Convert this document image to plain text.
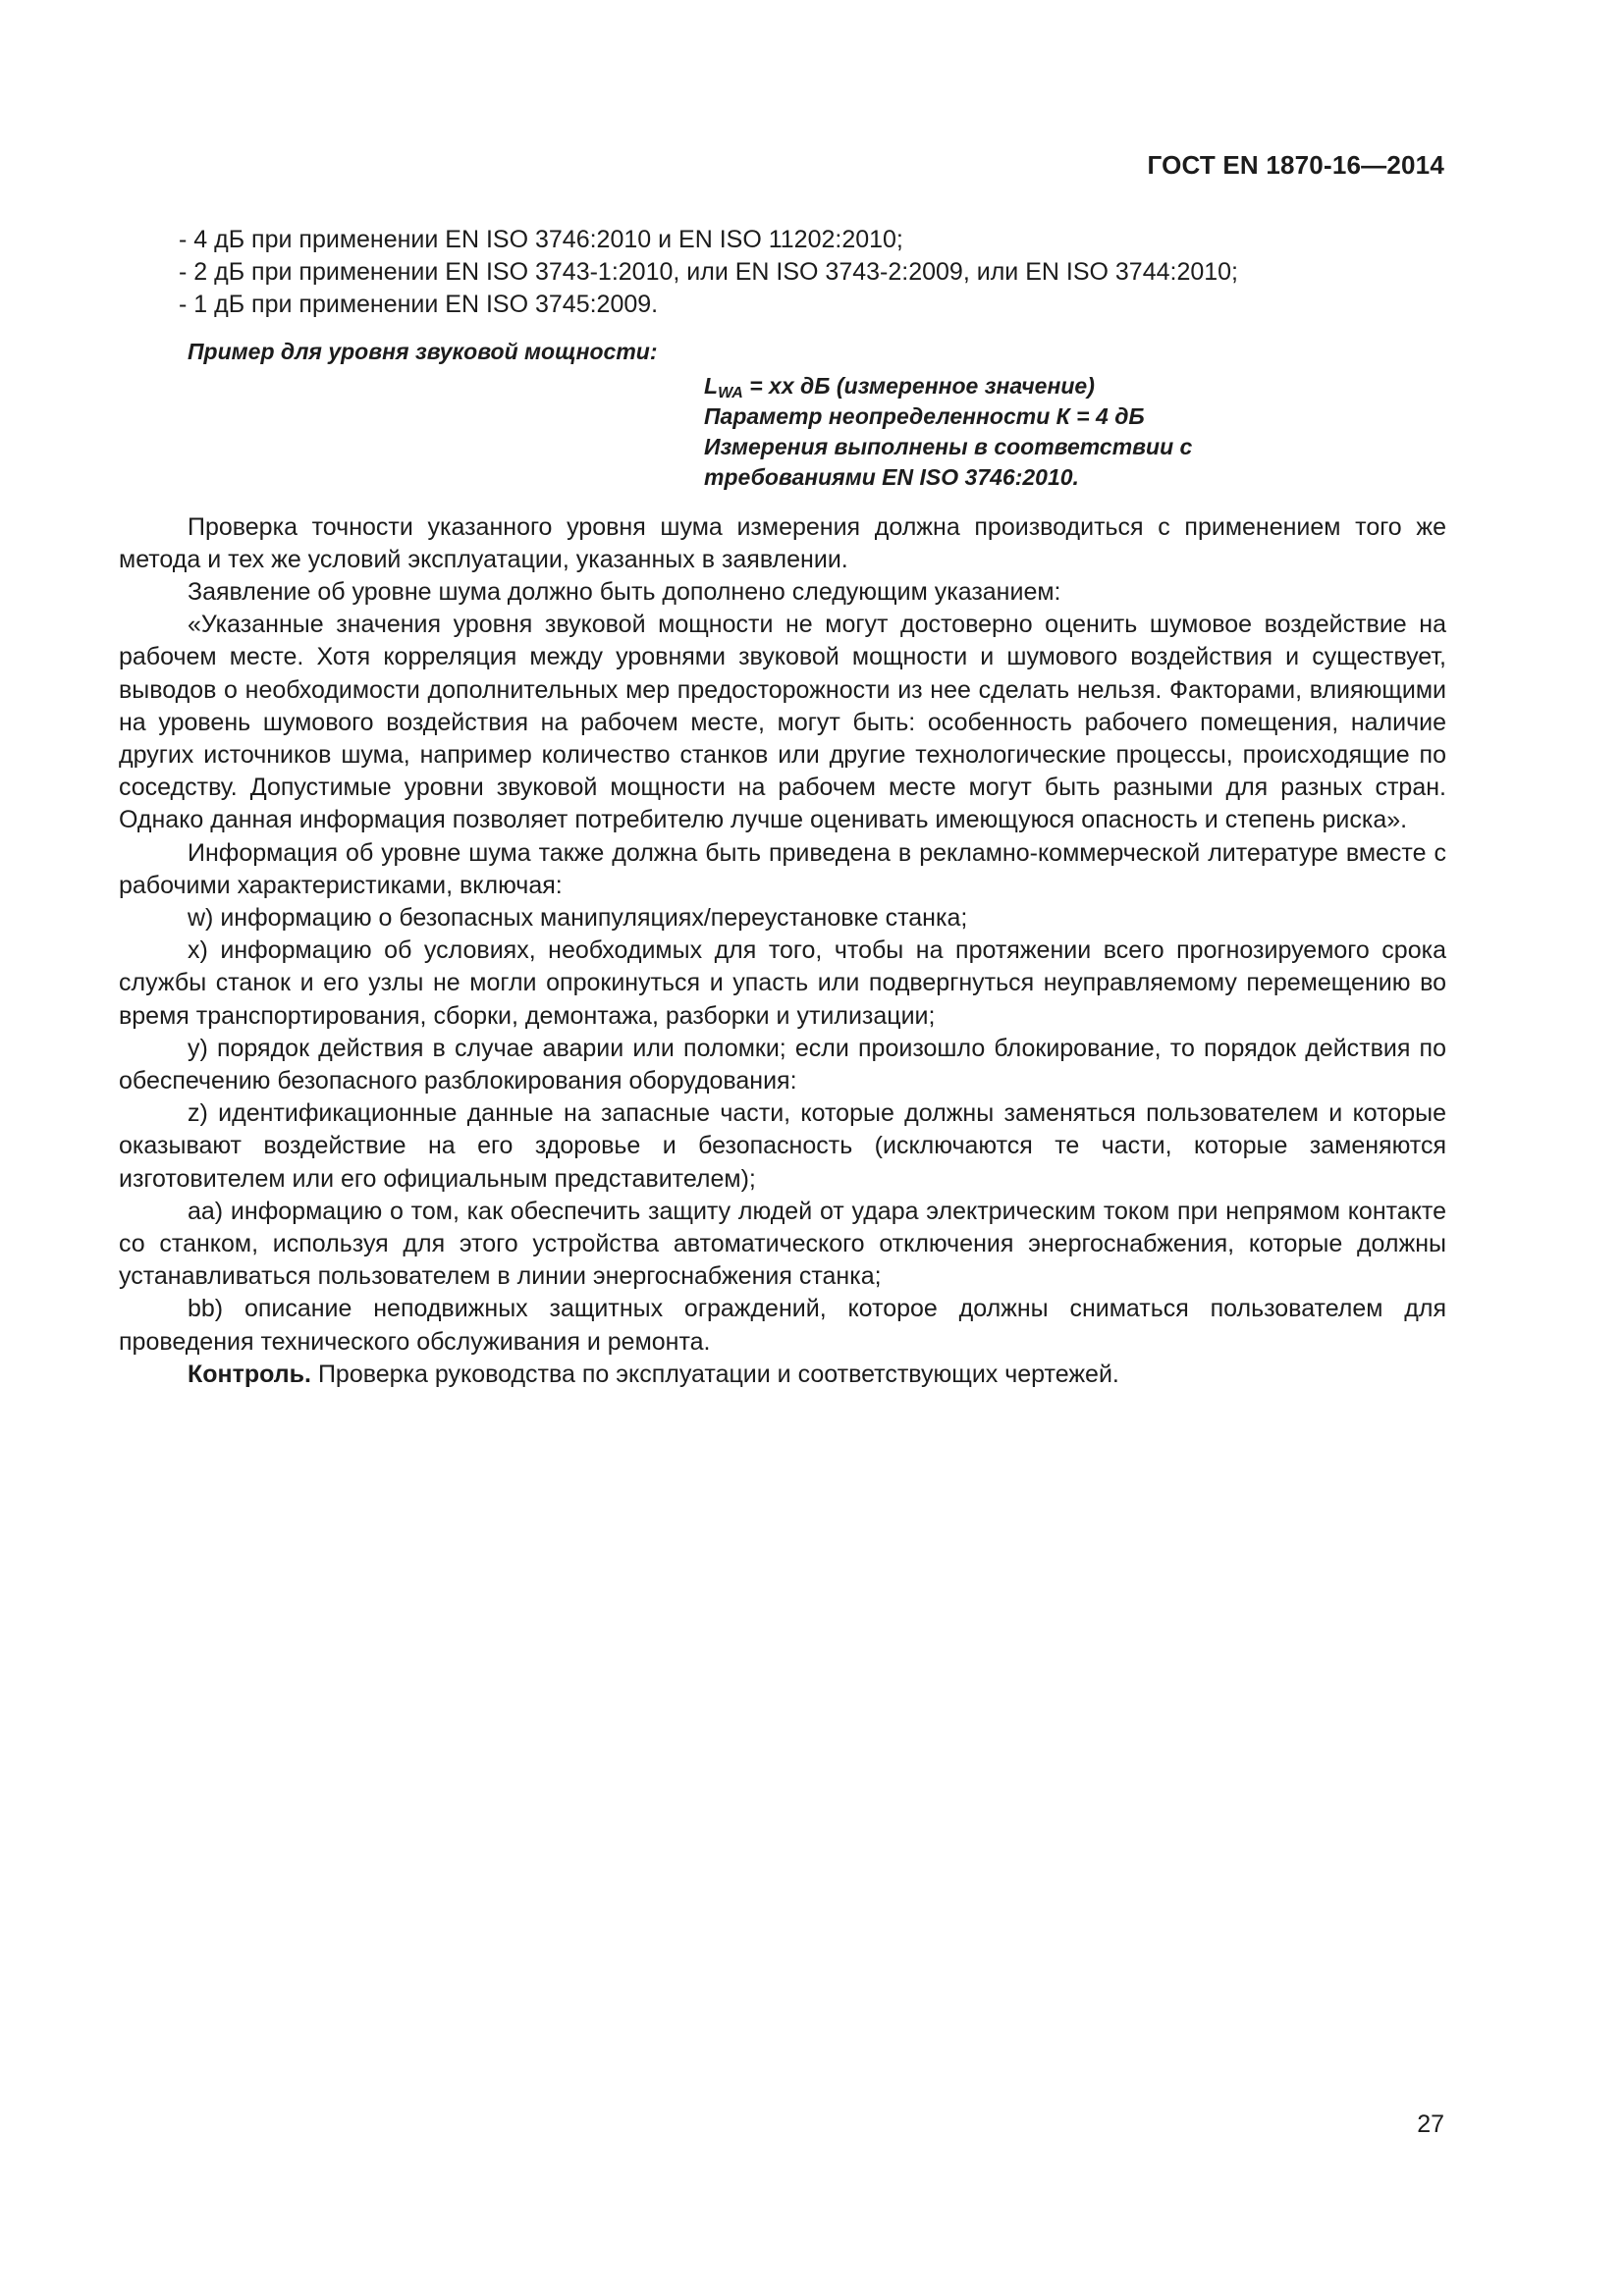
ГОСТ EN 1870-16—2014
- 4 дБ при применении EN ISO 3746:2010 и EN ISO 11202:2010;
- 2 дБ при применении EN ISO 3743-1:2010, или EN ISO 3743-2:2009, или EN ISO 3744:2010;
- 1 дБ при применении EN ISO 3745:2009.
Пример для уровня звуковой мощности:
$L_{WA}$ = хх дБ (измеренное значение)
Параметр неопределенности К = 4 дБ
Измерения выполнены в соответствии с
требованиями EN ISO 3746:2010.
Проверка точности указанного уровня шума измерения должна производиться с применением того же метода и тех же условий эксплуатации, указанных в заявлении.
Заявление об уровне шума должно быть дополнено следующим указанием:
«Указанные значения уровня звуковой мощности не могут достоверно оценить шумовое воздействие на рабочем месте. Хотя корреляция между уровнями звуковой мощности и шумового воздействия и существует, выводов о необходимости дополнительных мер предосторожности из нее сделать нельзя. Факторами, влияющими на уровень шумового воздействия на рабочем месте, могут быть: особенность рабочего помещения, наличие других источников шума, например количество станков или другие технологические процессы, происходящие по соседству. Допустимые уровни звуковой мощности на рабочем месте могут быть разными для разных стран. Однако данная информация позволяет потребителю лучше оценивать имеющуюся опасность и степень риска».
Информация об уровне шума также должна быть приведена в рекламно-коммерческой литературе вместе с рабочими характеристиками, включая:
w) информацию о безопасных манипуляциях/переустановке станка;
x) информацию об условиях, необходимых для того, чтобы на протяжении всего прогнозируемого срока службы станок и его узлы не могли опрокинуться и упасть или подвергнуться неуправляемому перемещению во время транспортирования, сборки, демонтажа, разборки и утилизации;
y) порядок действия в случае аварии или поломки; если произошло блокирование, то порядок действия по обеспечению безопасного разблокирования оборудования:
z) идентификационные данные на запасные части, которые должны заменяться пользователем и которые оказывают воздействие на его здоровье и безопасность (исключаются те части, которые заменяются изготовителем или его официальным представителем);
aa) информацию о том, как обеспечить защиту людей от удара электрическим током при непрямом контакте со станком, используя для этого устройства автоматического отключения энергоснабжения, которые должны устанавливаться пользователем в линии энергоснабжения станка;
bb) описание неподвижных защитных ограждений, которое должны сниматься пользователем для проведения технического обслуживания и ремонта.
Контроль. Проверка руководства по эксплуатации и соответствующих чертежей.
27
